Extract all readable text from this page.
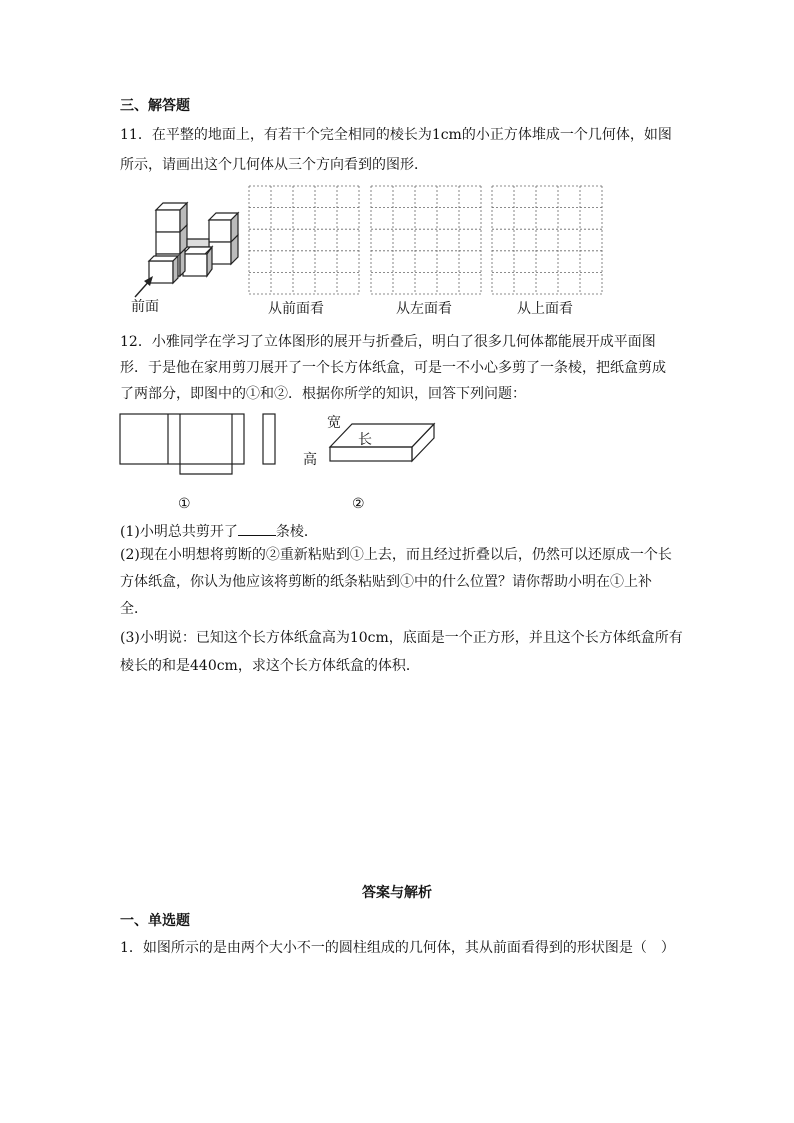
三、解答题
11．在平整的地面上，有若干个完全相同的棱长为1cm的小正方体堆成一个几何体，如图
所示，请画出这个几何体从三个方向看到的图形．
前面	从前面看	从左面看	从上面看
12．小雅同学在学习了立体图形的展开与折叠后，明白了很多几何体都能展开成平面图
形．于是他在家用剪刀展开了一个长方体纸盒，可是一不小心多剪了一条棱，把纸盒剪成
了两部分，即图中的①和②．根据你所学的知识，回答下列问题：
宽
长
高
①	②
(1)小明总共剪开了	条棱．
(2)现在小明想将剪断的②重新粘贴到①上去，而且经过折叠以后，仍然可以还原成一个长
方体纸盒，你认为他应该将剪断的纸条粘贴到①中的什么位置？请你帮助小明在①上补
全．
(3)小明说：已知这个长方体纸盒高为10cm，底面是一个正方形，并且这个长方体纸盒所有
棱长的和是440cm，求这个长方体纸盒的体积．
答案与解析
一、单选题
1．如图所示的是由两个大小不一的圆柱组成的几何体，其从前面看得到的形状图是（　）
